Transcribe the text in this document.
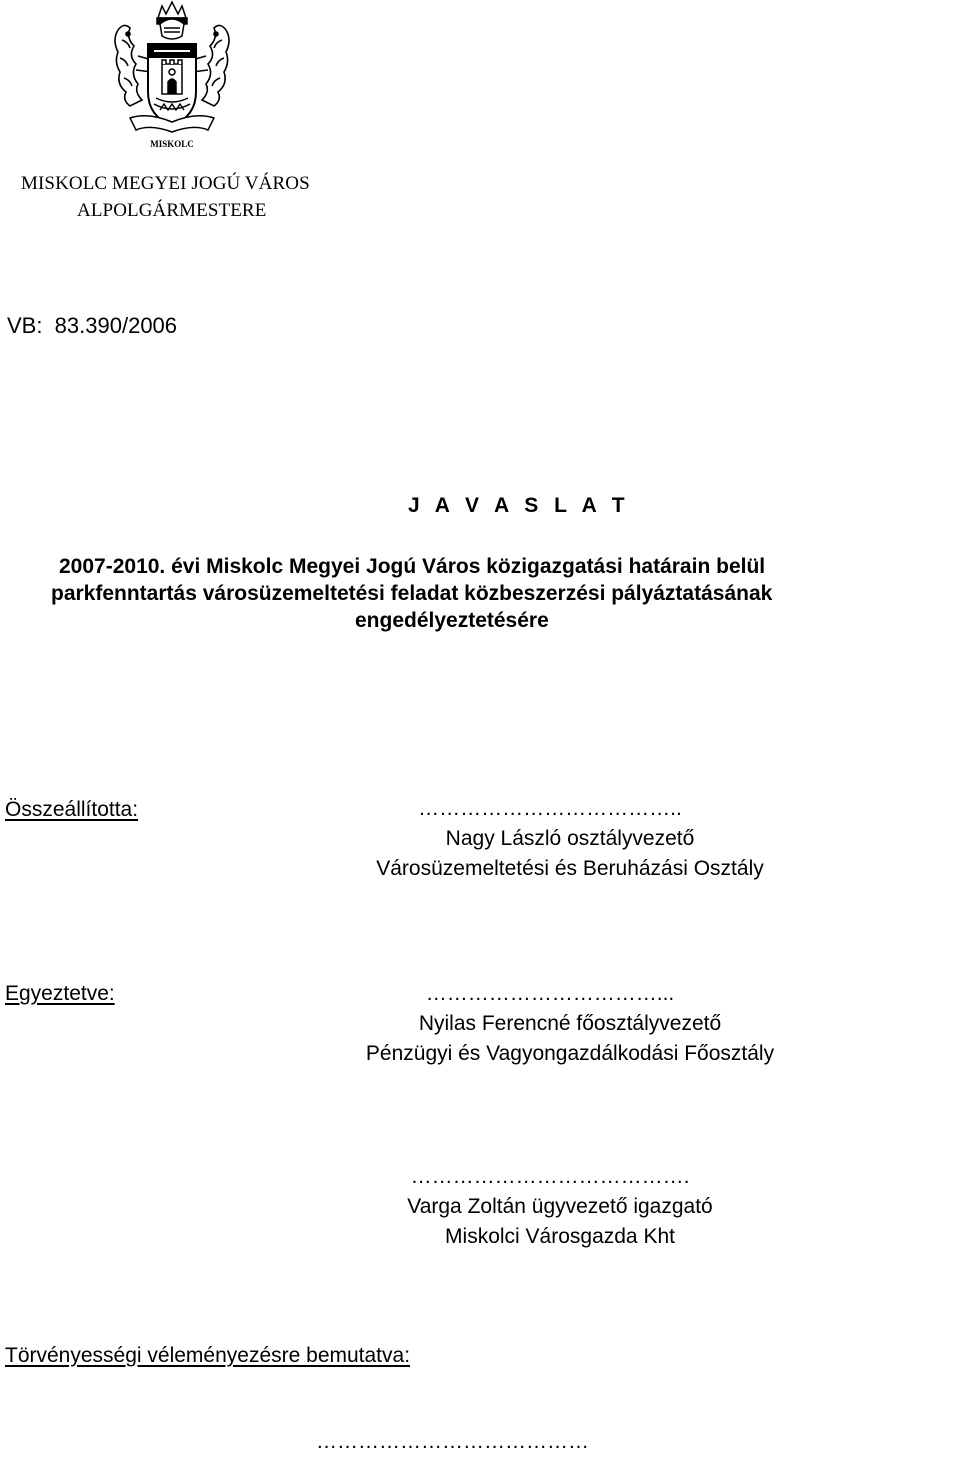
MISKOLC
MISKOLC MEGYEI JOGÚ VÁROS
ALPOLGÁRMESTERE
VB:  83.390/2006
J A V A S L A T
2007-2010. évi Miskolc Megyei Jogú Város közigazgatási határain belül
parkfenntartás városüzemeltetési feladat közbeszerzési pályáztatásának
engedélyeztetésére
Összeállította:	………………………………..
Nagy László osztályvezető
Városüzemeltetési és Beruházási Osztály
Egyeztetve:	……………………………...
Nyilas Ferencné főosztályvezető
Pénzügyi és Vagyongazdálkodási Főosztály
………………………………….
Varga Zoltán ügyvezető igazgató
Miskolci Városgazda Kht
Törvényességi véleményezésre bemutatva:
…………………………………
